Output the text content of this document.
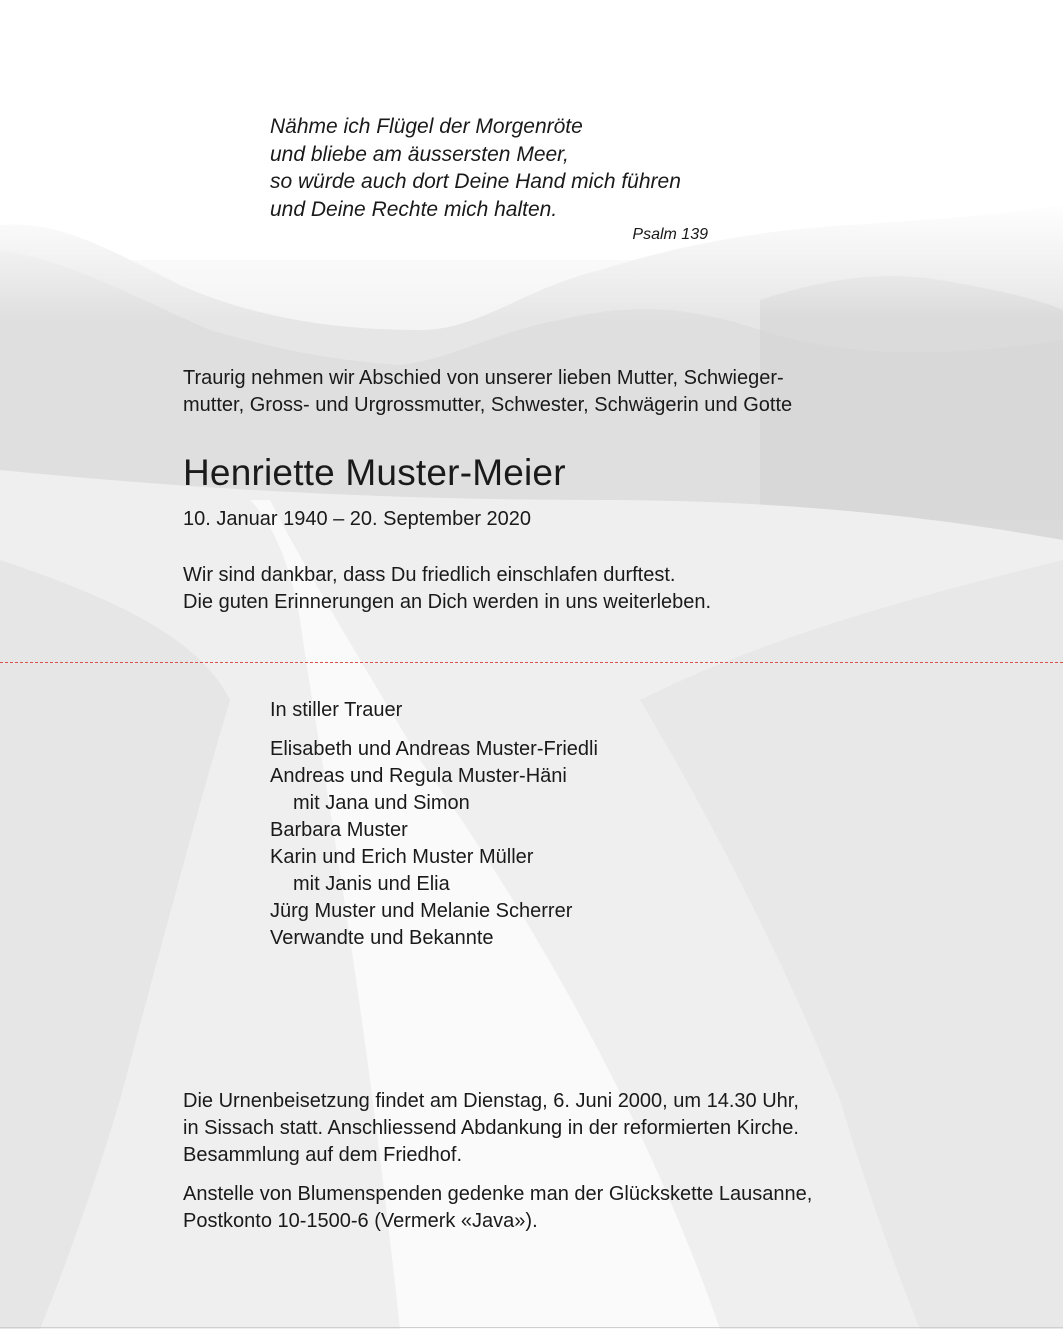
Nähme ich Flügel der Morgenröte
und bliebe am äussersten Meer,
so würde auch dort Deine Hand mich führen
und Deine Rechte mich halten.
Psalm 139
Traurig nehmen wir Abschied von unserer lieben Mutter, Schwieger-
mutter, Gross- und Urgrossmutter, Schwester, Schwägerin und Gotte
Henriette Muster-Meier
10. Januar 1940 – 20. September 2020
Wir sind dankbar, dass Du friedlich einschlafen durftest.
Die guten Erinnerungen an Dich werden in uns weiterleben.
In stiller Trauer
Elisabeth und Andreas Muster-Friedli
Andreas und Regula Muster-Häni
mit Jana und Simon
Barbara Muster
Karin und Erich Muster Müller
mit Janis und Elia
Jürg Muster und Melanie Scherrer
Verwandte und Bekannte
Die Urnenbeisetzung findet am Dienstag, 6. Juni 2000, um 14.30 Uhr,
in Sissach statt. Anschliessend Abdankung in der reformierten Kirche.
Besammlung auf dem Friedhof.
Anstelle von Blumenspenden gedenke man der Glückskette Lausanne,
Postkonto 10-1500-6 (Vermerk «Java»).
